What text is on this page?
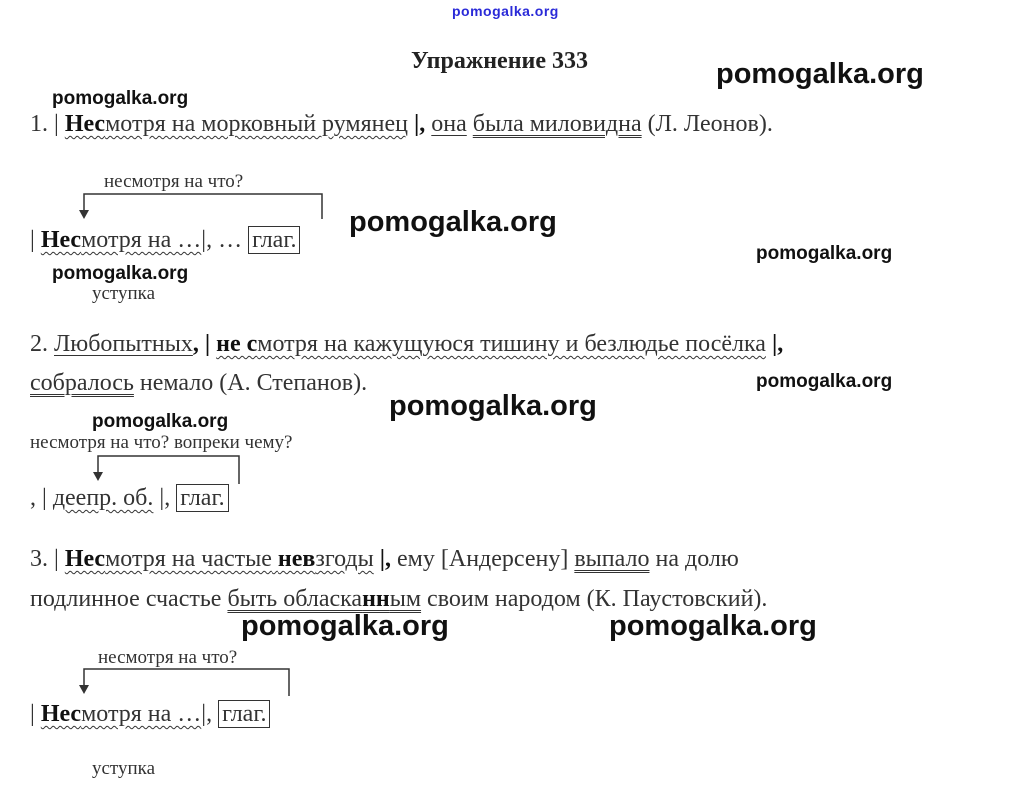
pomogalka.org
pomogalka.org
pomogalka.org
pomogalka.org
pomogalka.org
pomogalka.org
pomogalka.org
pomogalka.org
pomogalka.org
pomogalka.org	pomogalka.org
Упражнение 333
1. | Несмотря на морковный румянец |, она была миловидна (Л. Леонов).
несмотря на что?
| Несмотря на …|, … глаг.
уступка
2. Любопытных, | не смотря на кажущуюся тишину и безлюдье посёлка |,
собралось немало (А. Степанов).
несмотря на что? вопреки чему?
, | деепр. об. |, глаг.
3. | Несмотря на частые невзгоды |, ему [Андерсену] выпало на долю
подлинное счастье быть обласканным своим народом (К. Паустовский).
несмотря на что?
| Несмотря на …|, глаг.
уступка
